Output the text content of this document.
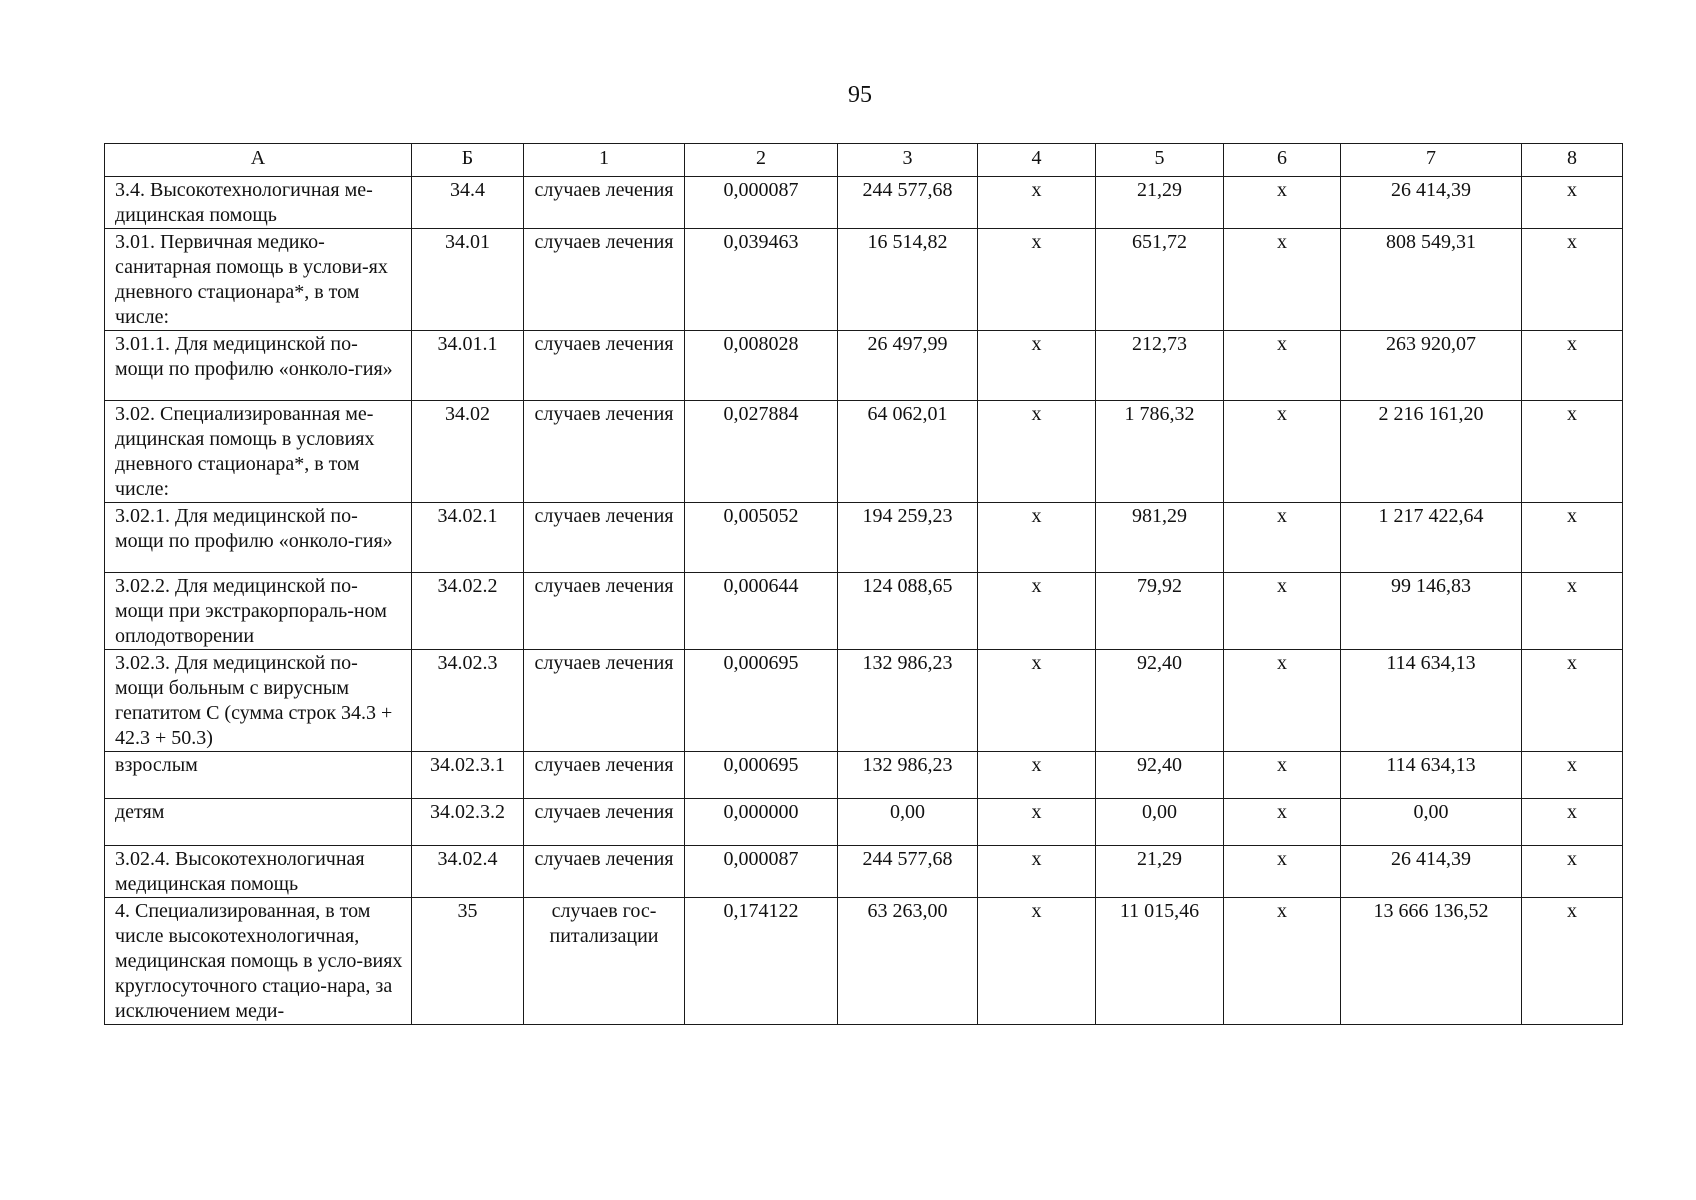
95
А	Б	1	2	3	4	5	6	7	8
3.4. Высокотехнологичная ме-дицинская помощь	34.4	случаев лечения	0,000087	244 577,68	х	21,29	х	26 414,39	х
3.01. Первичная медико-санитарная помощь в услови-ях дневного стационара*, в том числе:	34.01	случаев лечения	0,039463	16 514,82	х	651,72	х	808 549,31	х
3.01.1. Для медицинской по-мощи по профилю «онколо-гия»	34.01.1	случаев лечения	0,008028	26 497,99	х	212,73	х	263 920,07	х
3.02. Специализированная ме-дицинская помощь в условиях дневного стационара*, в том числе:	34.02	случаев лечения	0,027884	64 062,01	х	1 786,32	х	2 216 161,20	х
3.02.1. Для медицинской по-мощи по профилю «онколо-гия»	34.02.1	случаев лечения	0,005052	194 259,23	х	981,29	х	1 217 422,64	х
3.02.2. Для медицинской по-мощи при экстракорпораль-ном оплодотворении	34.02.2	случаев лечения	0,000644	124 088,65	х	79,92	х	99 146,83	х
3.02.3. Для медицинской по-мощи больным с вирусным гепатитом С (сумма строк 34.3 + 42.3 + 50.3)	34.02.3	случаев лечения	0,000695	132 986,23	х	92,40	х	114 634,13	х
взрослым	34.02.3.1	случаев лечения	0,000695	132 986,23	х	92,40	х	114 634,13	х
детям	34.02.3.2	случаев лечения	0,000000	0,00	х	0,00	х	0,00	х
3.02.4. Высокотехнологичная медицинская помощь	34.02.4	случаев лечения	0,000087	244 577,68	х	21,29	х	26 414,39	х
4. Специализированная, в том числе высокотехнологичная, медицинская помощь в усло-виях круглосуточного стацио-нара, за исключением меди-	35	случаев гос-питализации	0,174122	63 263,00	х	11 015,46	х	13 666 136,52	х
